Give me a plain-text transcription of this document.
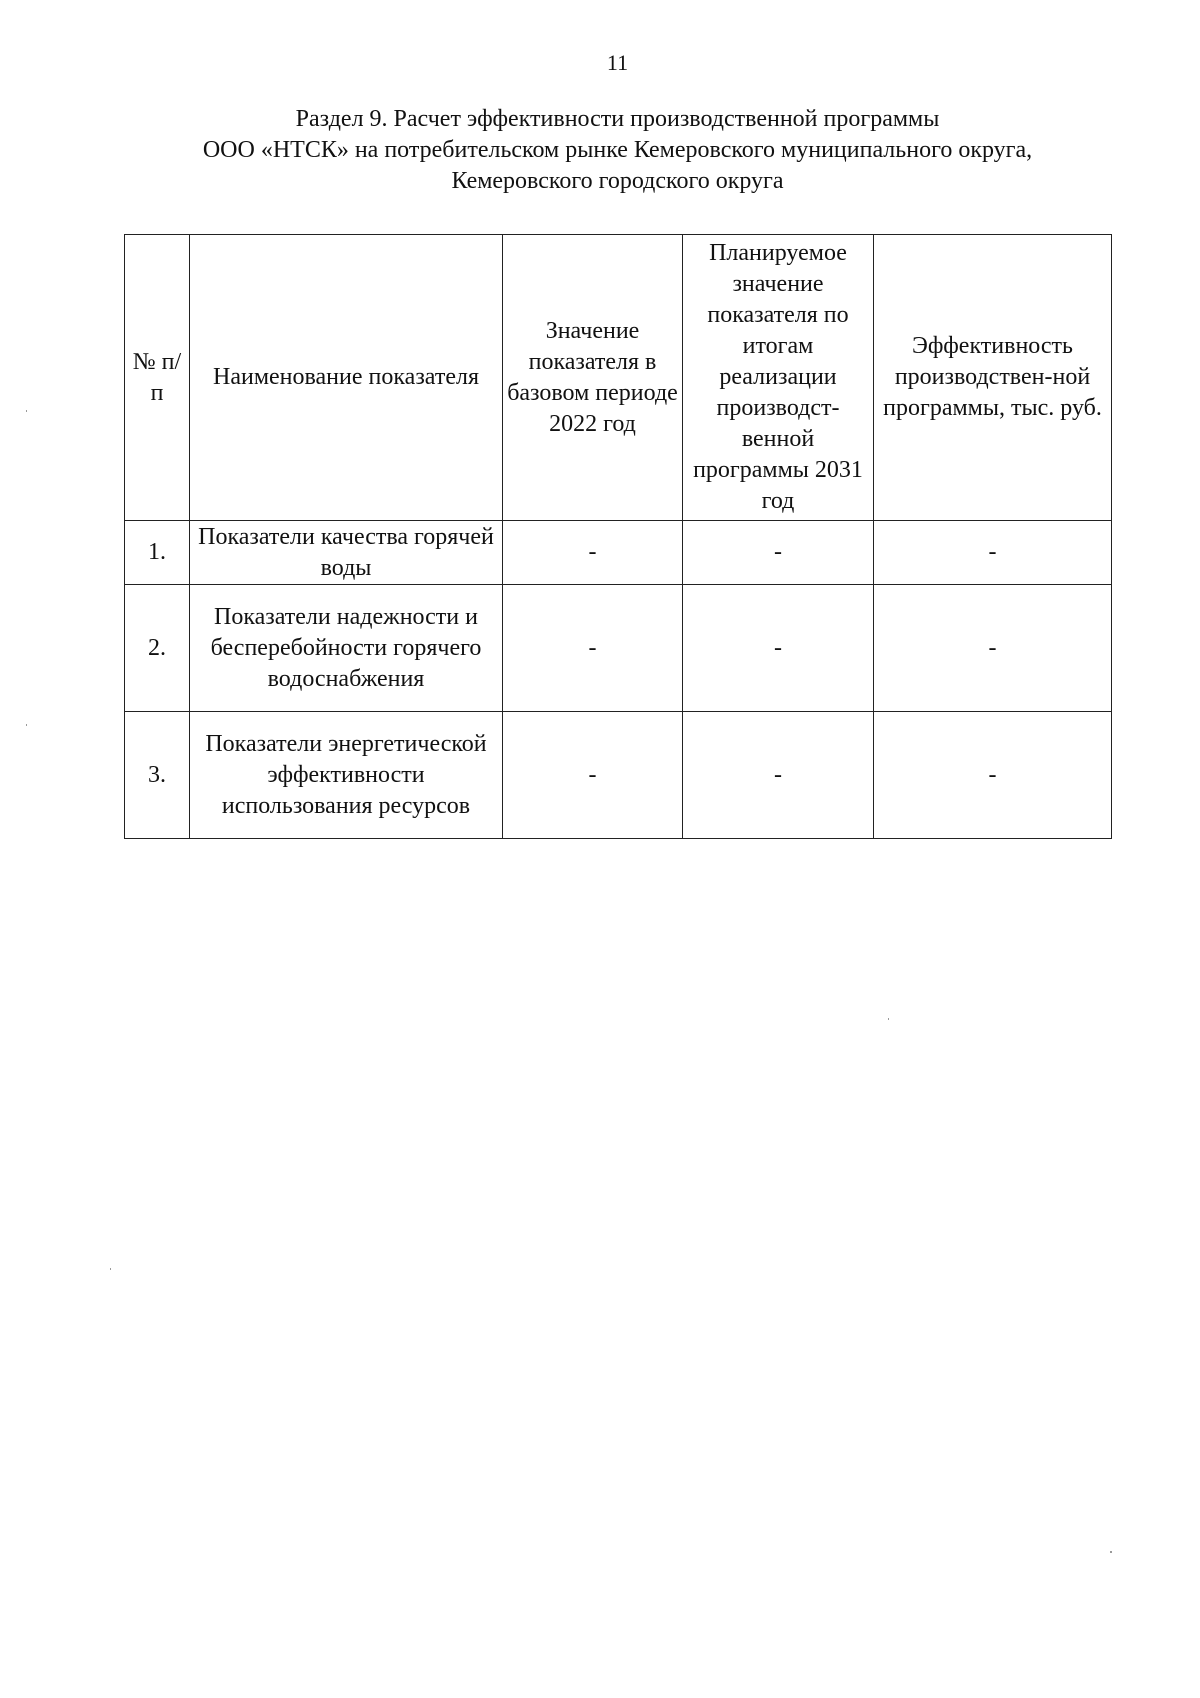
11
Раздел 9. Расчет эффективности производственной программы
ООО «НТСК» на потребительском рынке Кемеровского муниципального округа,
Кемеровского городского округа
№ п/п	Наименование показателя	Значение показателя в базовом периоде 2022 год	Планируемое значение показателя по итогам реализации производст-венной программы 2031 год	Эффективность производствен-ной программы, тыс. руб.
1.	Показатели качества горячей воды	-	-	-
2.	Показатели надежности и бесперебойности горячего водоснабжения	-	-	-
3.	Показатели энергетической эффективности использования ресурсов	-	-	-
